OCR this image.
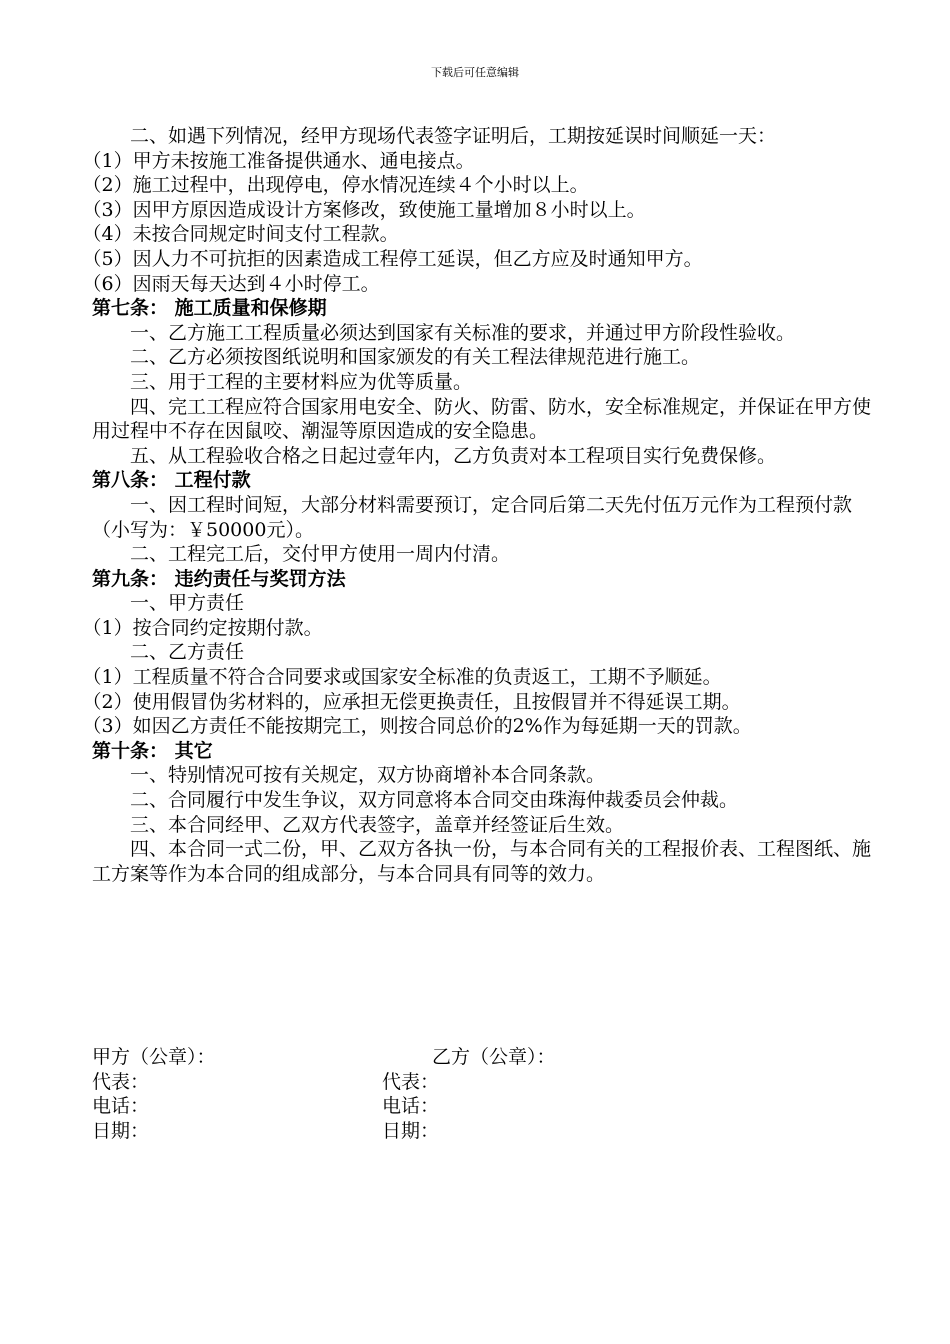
下载后可任意编辑

二、如遇下列情况，经甲方现场代表签字证明后，工期按延误时间顺延一天：

（1）甲方未按施工准备提供通水、通电接点。

（2）施工过程中，出现停电，停水情况连续４个小时以上。

（3）因甲方原因造成设计方案修改，致使施工量增加８小时以上。

（4）未按合同规定时间支付工程款。

（5）因人力不可抗拒的因素造成工程停工延误，但乙方应及时通知甲方。

（6）因雨天每天达到４小时停工。

第七条： 施工质量和保修期

一、乙方施工工程质量必须达到国家有关标准的要求，并通过甲方阶段性验收。

二、乙方必须按图纸说明和国家颁发的有关工程法律规范进行施工。

三、用于工程的主要材料应为优等质量。

四、完工工程应符合国家用电安全、防火、防雷、防水，安全标准规定，并保证在甲方使用过程中不存在因鼠咬、潮湿等原因造成的安全隐患。

五、从工程验收合格之日起过壹年内，乙方负责对本工程项目实行免费保修。

第八条： 工程付款

一、因工程时间短，大部分材料需要预订，定合同后第二天先付伍万元作为工程预付款（小写为：￥50000元）。

二、工程完工后，交付甲方使用一周内付清。

第九条： 违约责任与奖罚方法

一、甲方责任

（1）按合同约定按期付款。

二、乙方责任

（1）工程质量不符合合同要求或国家安全标准的负责返工，工期不予顺延。

（2）使用假冒伪劣材料的，应承担无偿更换责任，且按假冒并不得延误工期。

（3）如因乙方责任不能按期完工，则按合同总价的2%作为每延期一天的罚款。

第十条： 其它

一、特别情况可按有关规定，双方协商增补本合同条款。

二、合同履行中发生争议，双方同意将本合同交由珠海仲裁委员会仲裁。

三、本合同经甲、乙双方代表签字，盖章并经签证后生效。

四、本合同一式二份，甲、乙双方各执一份，与本合同有关的工程报价表、工程图纸、施工方案等作为本合同的组成部分，与本合同具有同等的效力。

甲方（公章）：	乙方（公章）：
代表：	代表：
电话：	电话：
日期：	日期：
